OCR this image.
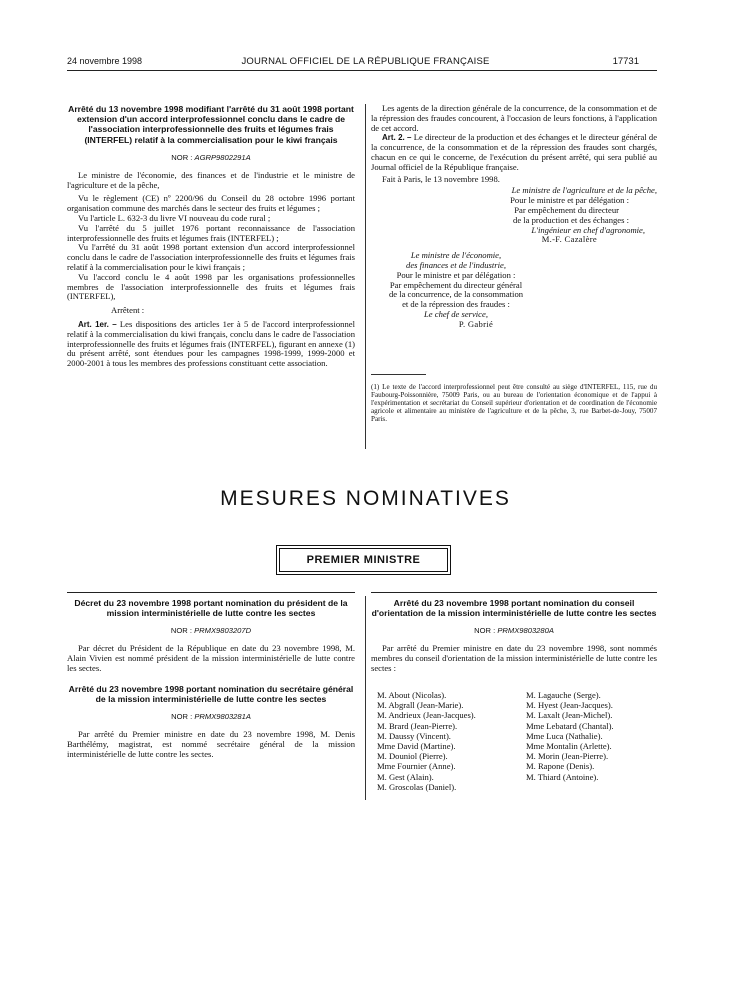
24 novembre 1998	JOURNAL OFFICIEL DE LA RÉPUBLIQUE FRANÇAISE	17731
Arrêté du 13 novembre 1998 modifiant l'arrêté du 31 août 1998 portant extension d'un accord interprofessionnel conclu dans le cadre de l'association interprofessionnelle des fruits et légumes frais (INTERFEL) relatif à la commercialisation pour le kiwi français
NOR : AGRP9802291A

Le ministre de l'économie, des finances et de l'industrie et le ministre de l'agriculture et de la pêche,

Vu le règlement (CE) nº 2200/96 du Conseil du 28 octobre 1996 portant organisation commune des marchés dans le secteur des fruits et légumes ;

Vu l'article L. 632-3 du livre VI nouveau du code rural ;

Vu l'arrêté du 5 juillet 1976 portant reconnaissance de l'association interprofessionnelle des fruits et légumes frais (INTERFEL) ;

Vu l'arrêté du 31 août 1998 portant extension d'un accord interprofessionnel conclu dans le cadre de l'association interprofessionnelle des fruits et légumes frais relatif à la commercialisation pour le kiwi français ;

Vu l'accord conclu le 4 août 1998 par les organisations professionnelles membres de l'association interprofessionnelle des fruits et légumes frais (INTERFEL),

Arrêtent :

Art. 1er. – Les dispositions des articles 1er à 5 de l'accord interprofessionnel relatif à la commercialisation du kiwi français, conclu dans le cadre de l'association interprofessionnelle des fruits et légumes frais (INTERFEL), figurant en annexe (1) du présent arrêté, sont étendues pour les campagnes 1998-1999, 1999-2000 et 2000-2001 à tous les membres des professions constituant cette association.

Les agents de la direction générale de la concurrence, de la consommation et de la répression des fraudes concourent, à l'occasion de leurs fonctions, à l'application de cet accord.

Art. 2. – Le directeur de la production et des échanges et le directeur général de la concurrence, de la consommation et de la répression des fraudes sont chargés, chacun en ce qui le concerne, de l'exécution du présent arrêté, qui sera publié au Journal officiel de la République française.

Fait à Paris, le 13 novembre 1998.

Le ministre de l'agriculture et de la pêche,
Pour le ministre et par délégation :
Par empêchement du directeur
de la production et des échanges :
L'ingénieur en chef d'agronomie,
M.-F. Cazalère
Le ministre de l'économie,
des finances et de l'industrie,
Pour le ministre et par délégation :
Par empêchement du directeur général
de la concurrence, de la consommation
et de la répression des fraudes :
Le chef de service,
P. Gabrié
(1) Le texte de l'accord interprofessionnel peut être consulté au siège d'INTERFEL, 115, rue du Faubourg-Poissonnière, 75009 Paris, ou au bureau de l'orientation économique et de l'appui à l'expérimentation et secrétariat du Conseil supérieur d'orientation et de coordination de l'économie agricole et alimentaire au ministère de l'agriculture et de la pêche, 3, rue Barbet-de-Jouy, 75007 Paris.
MESURES NOMINATIVES
PREMIER MINISTRE
Décret du 23 novembre 1998 portant nomination du président de la mission interministérielle de lutte contre les sectes
NOR : PRMX9803207D

Par décret du Président de la République en date du 23 novembre 1998, M. Alain Vivien est nommé président de la mission interministérielle de lutte contre les sectes.

Arrêté du 23 novembre 1998 portant nomination du secrétaire général de la mission interministérielle de lutte contre les sectes
NOR : PRMX9803281A

Par arrêté du Premier ministre en date du 23 novembre 1998, M. Denis Barthélémy, magistrat, est nommé secrétaire général de la mission interministérielle de lutte contre les sectes.

Arrêté du 23 novembre 1998 portant nomination du conseil d'orientation de la mission interministérielle de lutte contre les sectes
NOR : PRMX9803280A

Par arrêté du Premier ministre en date du 23 novembre 1998, sont nommés membres du conseil d'orientation de la mission interministérielle de lutte contre les sectes :

M. About (Nicolas).
M. Abgrall (Jean-Marie).
M. Andrieux (Jean-Jacques).
M. Brard (Jean-Pierre).
M. Daussy (Vincent).
Mme David (Martine).
M. Douniol (Pierre).
Mme Fournier (Anne).
M. Gest (Alain).
M. Groscolas (Daniel).
M. Lagauche (Serge).
M. Hyest (Jean-Jacques).
M. Laxalt (Jean-Michel).
Mme Lebatard (Chantal).
Mme Luca (Nathalie).
Mme Montalin (Arlette).
M. Morin (Jean-Pierre).
M. Rapone (Denis).
M. Thiard (Antoine).
